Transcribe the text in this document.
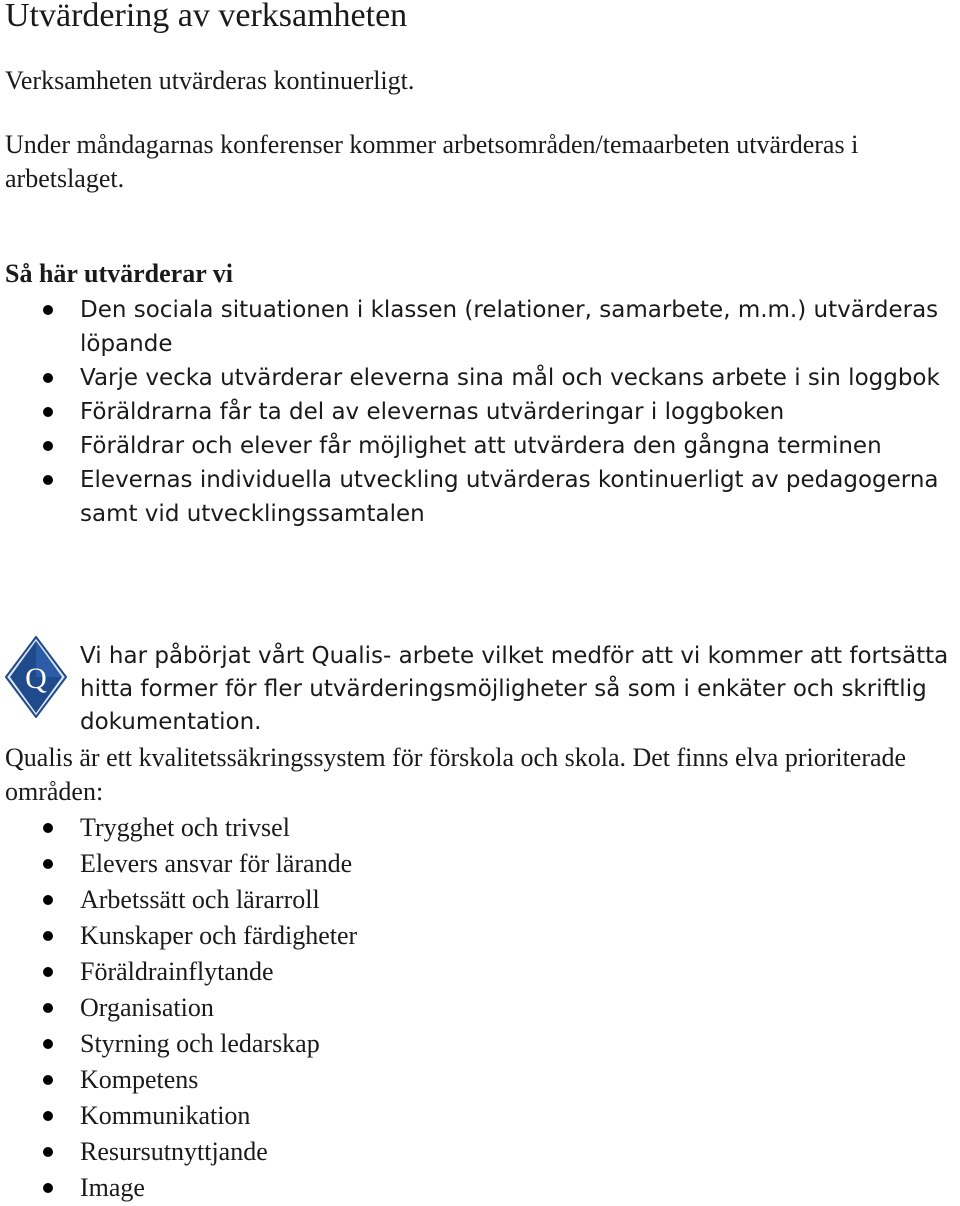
Utvärdering av verksamheten

Verksamheten utvärderas kontinuerligt.

Under måndagarnas konferenser kommer arbetsområden/temaarbeten utvärderas i arbetslaget.

Så här utvärderar vi
Den sociala situationen i klassen (relationer, samarbete, m.m.) utvärderas löpande
Varje vecka utvärderar eleverna sina mål och veckans arbete i sin loggbok
Föräldrarna får ta del av elevernas utvärderingar i loggboken
Föräldrar och elever får möjlighet att utvärdera den gångna terminen
Elevernas individuella utveckling utvärderas kontinuerligt av pedagogerna samt vid utvecklingssamtalen
Q

Vi har påbörjat vårt Qualis- arbete vilket medför att vi kommer att fortsätta hitta former för fler utvärderingsmöjligheter så som i enkäter och skriftlig dokumentation.

Qualis är ett kvalitetssäkringssystem för förskola och skola. Det finns elva prioriterade områden:

Trygghet och trivsel
Elevers ansvar för lärande
Arbetssätt och lärarroll
Kunskaper och färdigheter
Föräldrainflytande
Organisation
Styrning och ledarskap
Kompetens
Kommunikation
Resursutnyttjande
Image
